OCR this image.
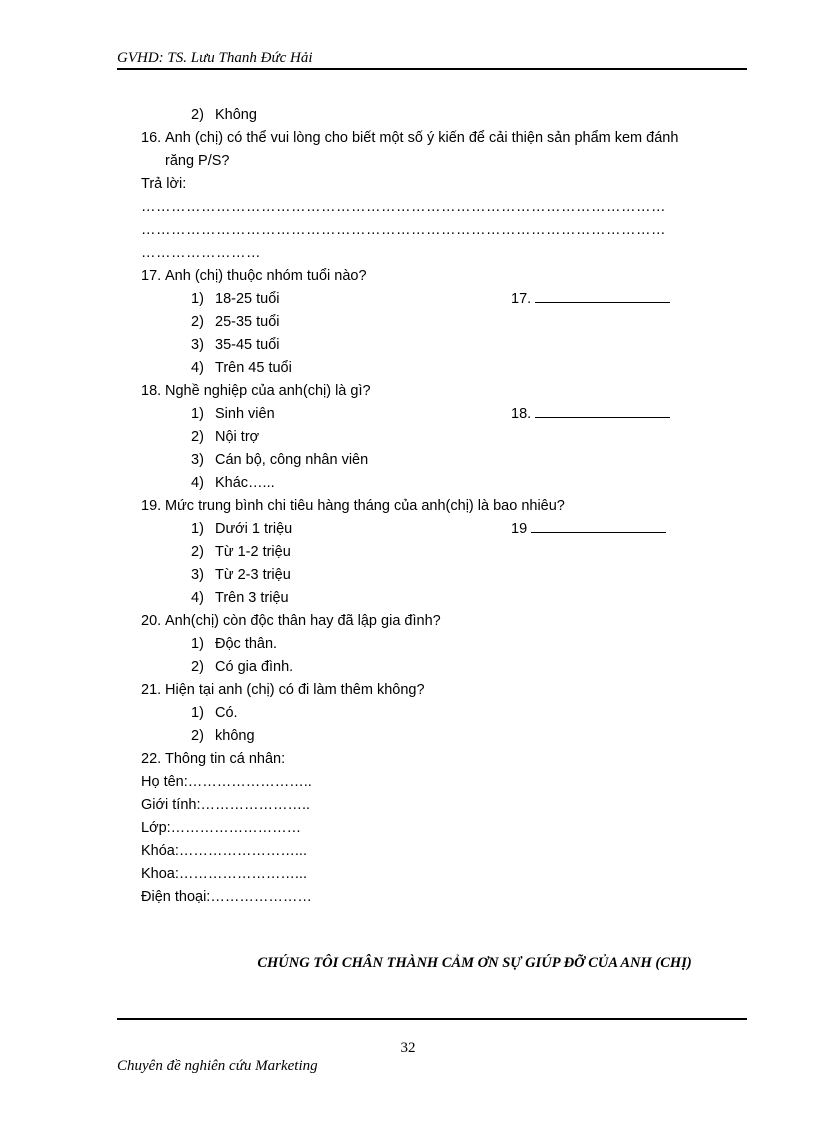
GVHD: TS. Lưu Thanh Đức Hải
2) Không
16. Anh (chị) có thể vui lòng cho biết một số ý kiến để cải thiện sản phẩm kem đánh
răng P/S?
Trả lời:
……………………………………………………………………………………………
……………………………………………………………………………………………
……………………
17. Anh (chị) thuộc nhóm tuổi nào?
1) 18-25 tuổi	17.
2) 25-35 tuổi
3) 35-45 tuổi
4) Trên 45 tuổi
18. Nghề nghiệp của anh(chị) là gì?
1) Sinh viên	18.
2) Nội trợ
3) Cán bộ, công nhân viên
4) Khác…...
19. Mức trung bình chi tiêu hàng tháng của anh(chị) là bao nhiêu?
1) Dưới 1 triệu	19
2) Từ 1-2 triệu
3) Từ 2-3 triệu
4) Trên 3 triệu
20. Anh(chị) còn độc thân hay đã lập gia đình?
1) Độc thân.
2) Có gia đình.
21. Hiện tại anh (chị) có đi làm thêm không?
1) Có.
2) không
22. Thông tin cá nhân:
Họ tên:……………………..
Giới tính:…………………..
Lớp:………………………
Khóa:……………………...
Khoa:……………………...
Điện thoại:…………………
CHÚNG TÔI CHÂN THÀNH CẢM ƠN SỰ GIÚP ĐỠ CỦA ANH (CHỊ)
32
Chuyên đề nghiên cứu Marketing
